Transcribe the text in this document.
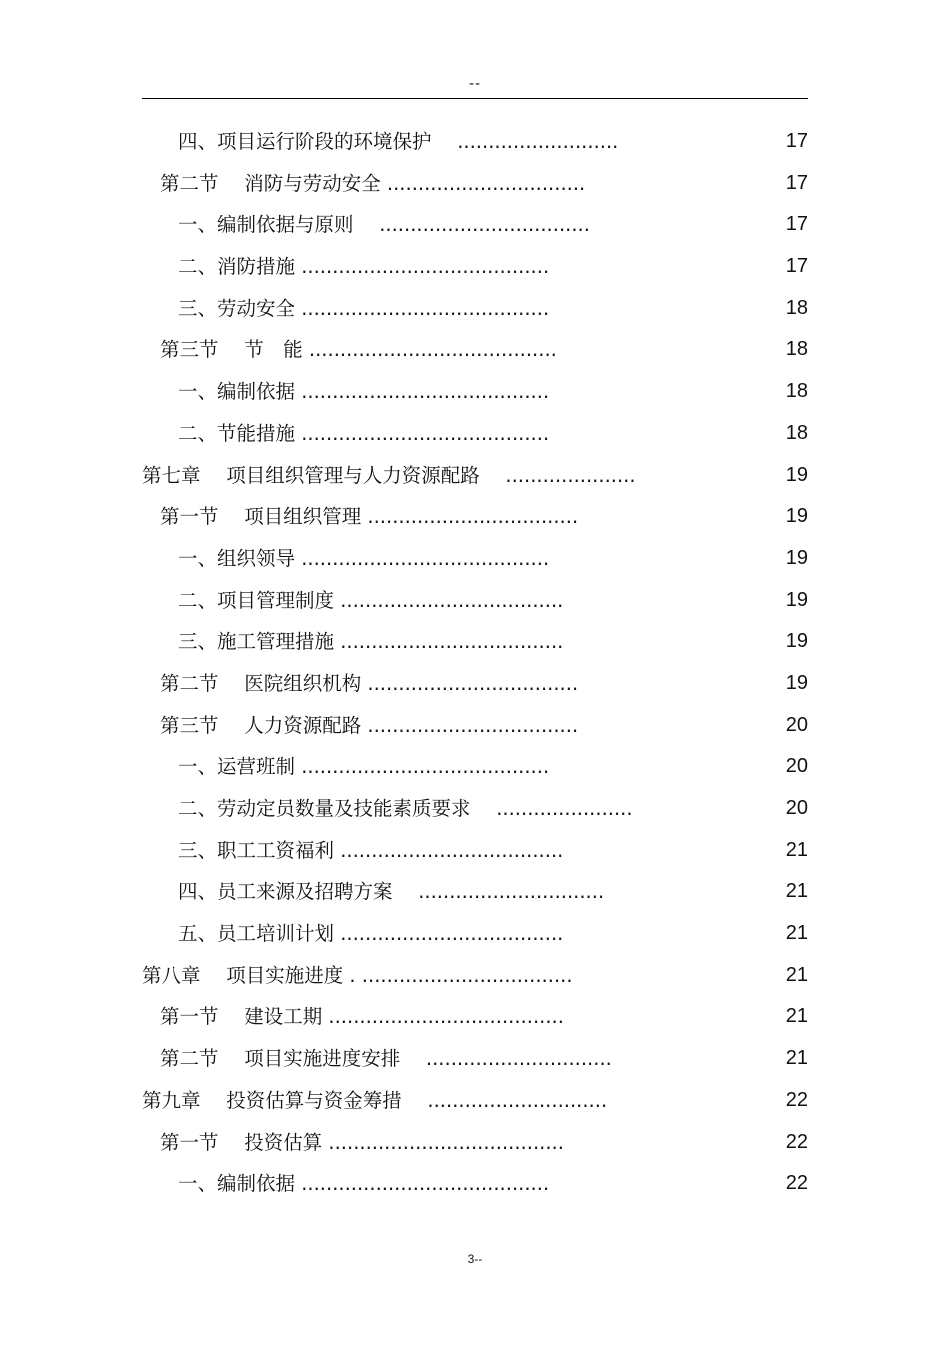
--
四、项目运行阶段的环境保护　 ..........................	17
第二节　 消防与劳动安全 ................................	17
一、编制依据与原则　 ..................................	17
二、消防措施 ........................................	17
三、劳动安全 ........................................	18
第三节　 节　能 ........................................	18
一、编制依据 ........................................	18
二、节能措施 ........................................	18
第七章　 项目组织管理与人力资源配路　 .....................	19
第一节　 项目组织管理 ..................................	19
一、组织领导 ........................................	19
二、项目管理制度 ....................................	19
三、施工管理措施 ....................................	19
第二节　 医院组织机构 ..................................	19
第三节　 人力资源配路 ..................................	20
一、运营班制 ........................................	20
二、劳动定员数量及技能素质要求　 ......................	20
三、职工工资福利 ....................................	21
四、员工来源及招聘方案　 ..............................	21
五、员工培训计划 ....................................	21
第八章　 项目实施进度 . ..................................	21
第一节　 建设工期 ......................................	21
第二节　 项目实施进度安排　 ..............................	21
第九章　 投资估算与资金筹措　 .............................	22
第一节　 投资估算 ......................................	22
一、编制依据 ........................................	22
3--
